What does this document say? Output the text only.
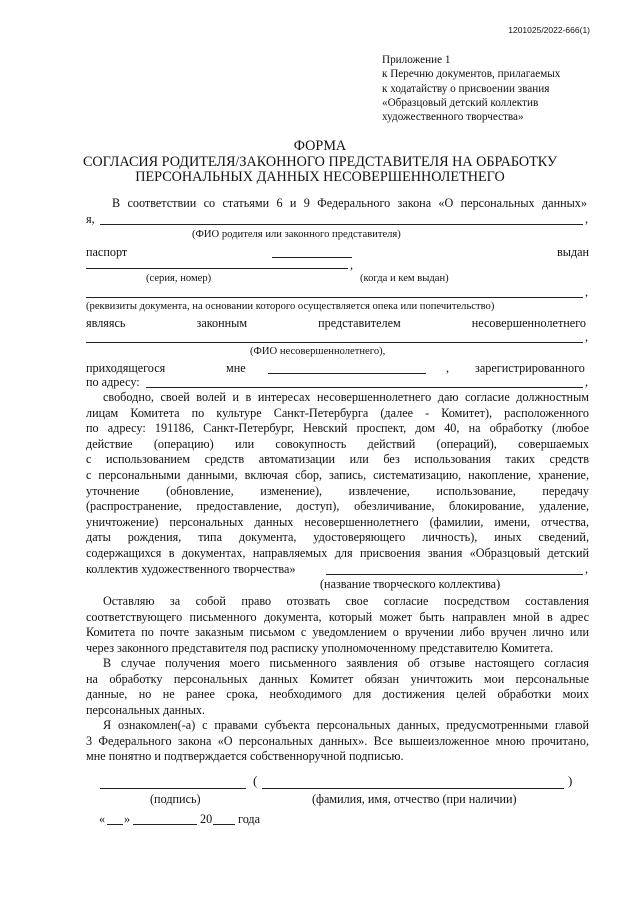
1201025/2022-666(1)
Приложение 1
к Перечню документов, прилагаемых
к ходатайству о присвоении звания
«Образцовый детский коллектив
художественного творчества»
ФОРМА
СОГЛАСИЯ РОДИТЕЛЯ/ЗАКОННОГО ПРЕДСТАВИТЕЛЯ НА ОБРАБОТКУ
ПЕРСОНАЛЬНЫХ ДАННЫХ НЕСОВЕРШЕННОЛЕТНЕГО
В соответствии со статьями 6 и 9 Федерального закона «О персональных данных»
я,	,
(ФИО родителя или законного представителя)
паспорт	выдан
,
(серия, номер)	(когда и кем выдан)
,
(реквизиты документа, на основании которого осуществляется опека или попечительство)
являясь	законным	представителем	несовершеннолетнего
,
(ФИО несовершеннолетнего),
приходящегося	мне	, зарегистрированного
по адресу:	,
свободно, своей волей и в интересах несовершеннолетнего даю согласие должностным
лицам Комитета по культуре Санкт-Петербурга (далее - Комитет), расположенного
по адресу: 191186, Санкт-Петербург, Невский проспект, дом 40, на обработку (любое
действие (операцию) или совокупность действий (операций), совершаемых
с использованием средств автоматизации или без использования таких средств
с персональными данными, включая сбор, запись, систематизацию, накопление, хранение,
уточнение (обновление, изменение), извлечение, использование, передачу
(распространение, предоставление, доступ), обезличивание, блокирование, удаление,
уничтожение) персональных данных несовершеннолетнего (фамилии, имени, отчества,
даты рождения, типа документа, удостоверяющего личность), иных сведений,
содержащихся в документах, направляемых для присвоения звания «Образцовый детский
коллектив художественного творчества»	,
(название творческого коллектива)
Оставляю за собой право отозвать свое согласие посредством составления
соответствующего письменного документа, который может быть направлен мной в адрес
Комитета по почте заказным письмом с уведомлением о вручении либо вручен лично или
через законного представителя под расписку уполномоченному представителю Комитета.
В случае получения моего письменного заявления об отзыве настоящего согласия
на обработку персональных данных Комитет обязан уничтожить мои персональные
данные, но не ранее срока, необходимого для достижения целей обработки моих
персональных данных.
Я ознакомлен(-а) с правами субъекта персональных данных, предусмотренными главой
3 Федерального закона «О персональных данных». Все вышеизложенное мною прочитано,
мне понятно и подтверждается собственноручной подписью.
(	)
(подпись)	(фамилия, имя, отчество (при наличии)
« »	20 года
